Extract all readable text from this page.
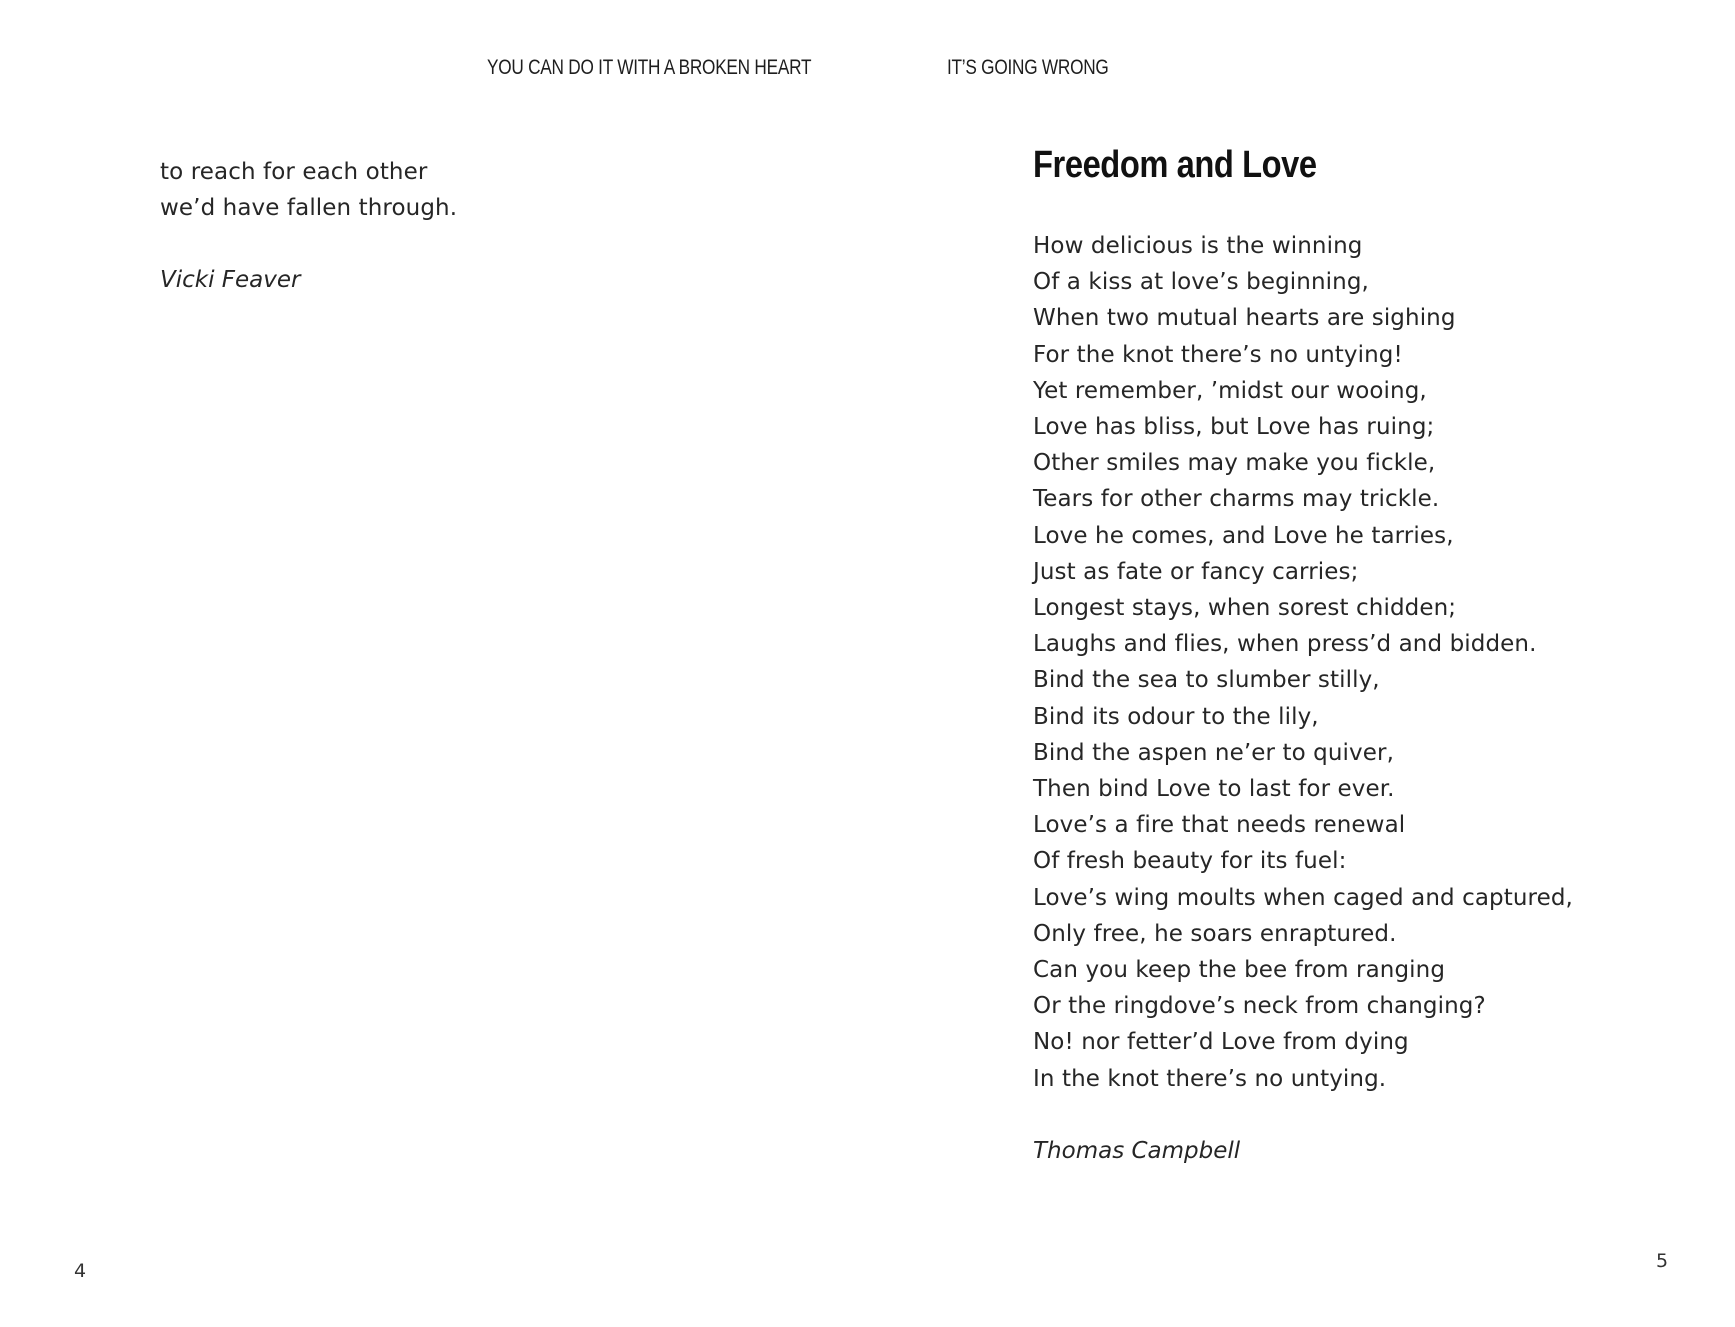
YOU CAN DO IT WITH A BROKEN HEART	IT’S GOING WRONG
to reach for each other
we’d have fallen through.
Vicki Feaver
Freedom and Love
How delicious is the winning
Of a kiss at love’s beginning,
When two mutual hearts are sighing
For the knot there’s no untying!
Yet remember, ’midst our wooing,
Love has bliss, but Love has ruing;
Other smiles may make you fickle,
Tears for other charms may trickle.
Love he comes, and Love he tarries,
Just as fate or fancy carries;
Longest stays, when sorest chidden;
Laughs and flies, when press’d and bidden.
Bind the sea to slumber stilly,
Bind its odour to the lily,
Bind the aspen ne’er to quiver,
Then bind Love to last for ever.
Love’s a fire that needs renewal
Of fresh beauty for its fuel:
Love’s wing moults when caged and captured,
Only free, he soars enraptured.
Can you keep the bee from ranging
Or the ringdove’s neck from changing?
No! nor fetter’d Love from dying
In the knot there’s no untying.
Thomas Campbell
4	5
